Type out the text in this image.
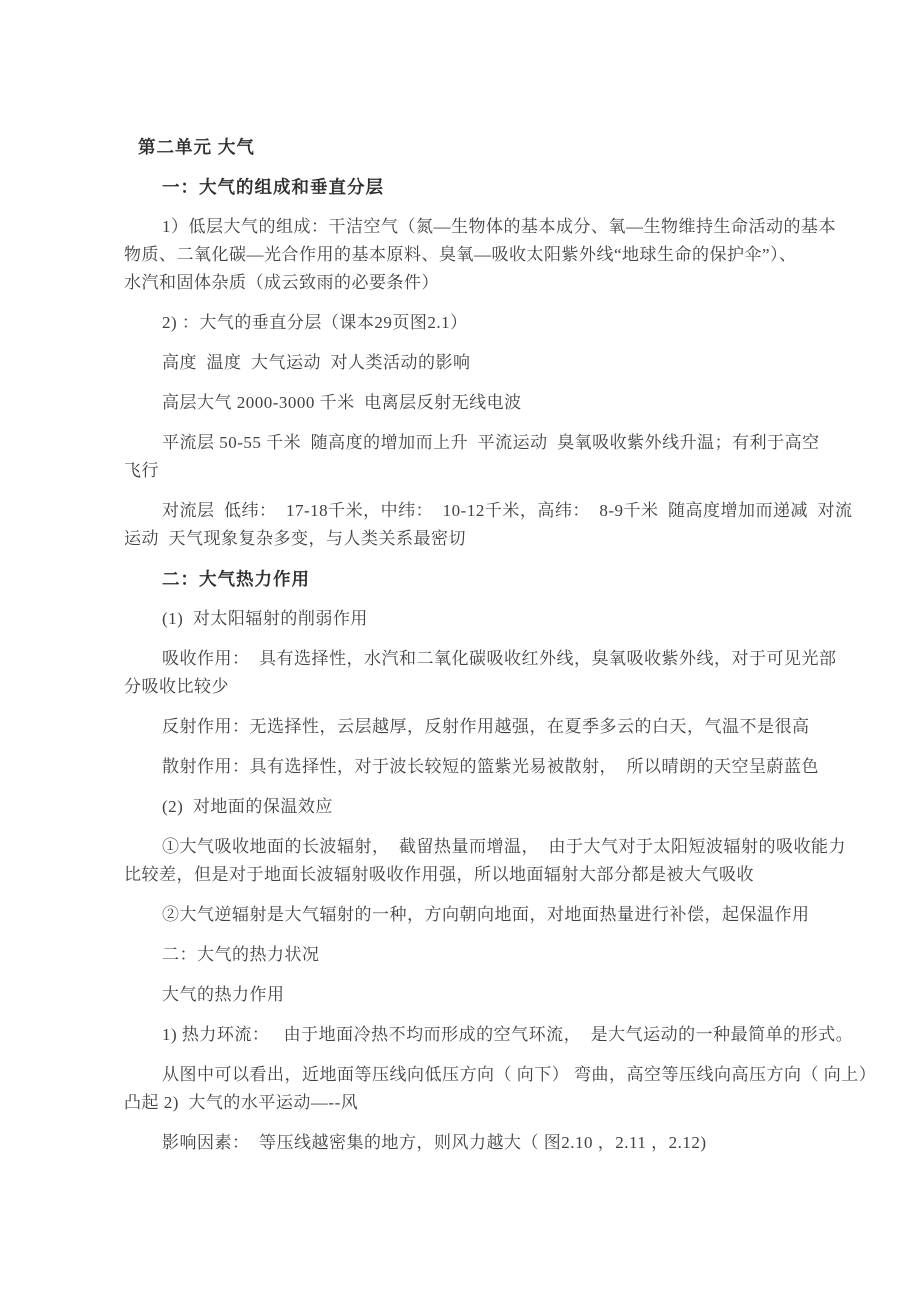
第二单元 大气
一：大气的组成和垂直分层
1）低层大气的组成：干洁空气（氮—生物体的基本成分、氧—生物维持生命活动的基本
物质、二氧化碳—光合作用的基本原料、臭氧—吸收太阳紫外线“地球生命的保护伞”）、
水汽和固体杂质（成云致雨的必要条件）
2) ：大气的垂直分层（课本29页图2.1）
高度  温度  大气运动  对人类活动的影响
高层大气 2000-3000 千米  电离层反射无线电波
平流层 50-55 千米  随高度的增加而上升  平流运动  臭氧吸收紫外线升温；有利于高空
飞行
对流层  低纬：  17-18千米，中纬：  10-12千米，高纬：  8-9千米  随高度增加而递减  对流
运动  天气现象复杂多变，与人类关系最密切
二：大气热力作用
(1)  对太阳辐射的削弱作用
吸收作用：  具有选择性，水汽和二氧化碳吸收红外线，臭氧吸收紫外线，对于可见光部
分吸收比较少
反射作用：无选择性，云层越厚，反射作用越强，在夏季多云的白天，气温不是很高
散射作用：具有选择性，对于波长较短的篮紫光易被散射，  所以晴朗的天空呈蔚蓝色
(2)  对地面的保温效应
①大气吸收地面的长波辐射，  截留热量而增温，  由于大气对于太阳短波辐射的吸收能力
比较差，但是对于地面长波辐射吸收作用强，所以地面辐射大部分都是被大气吸收
②大气逆辐射是大气辐射的一种，方向朝向地面，对地面热量进行补偿，起保温作用
二：大气的热力状况
大气的热力作用
1) 热力环流：   由于地面冷热不均而形成的空气环流，  是大气运动的一种最简单的形式。
从图中可以看出，近地面等压线向低压方向（ 向下） 弯曲，高空等压线向高压方向（ 向上）
凸起 2)  大气的水平运动—--风
影响因素：  等压线越密集的地方，则风力越大（ 图2.10 ，2.11 ，2.12)
